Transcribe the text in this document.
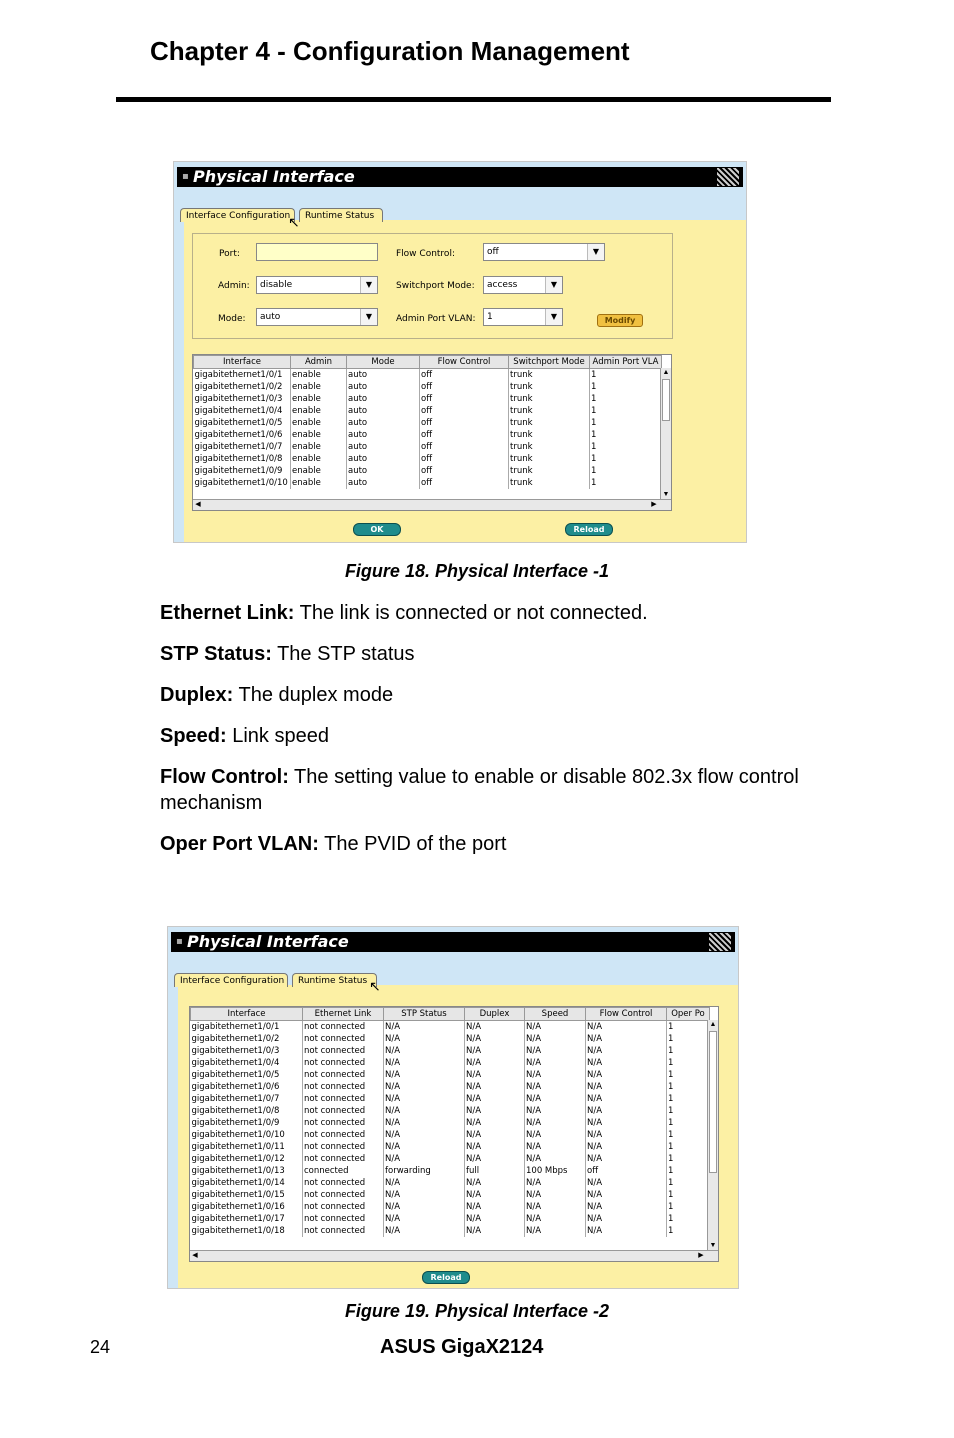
Chapter 4 - Configuration Management
▪ Physical Interface
Interface Configuration	Runtime Status
↖
Port:
Admin:	disable	▼
Mode:	auto	▼
Flow Control:	off	▼
Switchport Mode:	access	▼
Admin Port VLAN:	1	▼	Modify
Interface	Admin	Mode	Flow Control	Switchport Mode	Admin Port VLA
gigabitethernet1/0/1	enable	auto	off	trunk	1
gigabitethernet1/0/2	enable	auto	off	trunk	1
gigabitethernet1/0/3	enable	auto	off	trunk	1
gigabitethernet1/0/4	enable	auto	off	trunk	1
gigabitethernet1/0/5	enable	auto	off	trunk	1
gigabitethernet1/0/6	enable	auto	off	trunk	1
gigabitethernet1/0/7	enable	auto	off	trunk	1
gigabitethernet1/0/8	enable	auto	off	trunk	1
gigabitethernet1/0/9	enable	auto	off	trunk	1
gigabitethernet1/0/10	enable	auto	off	trunk	1
▲
▼
◀	▶
OK	Reload
Figure 18. Physical Interface -1
Ethernet Link: The link is connected or not connected.
STP Status: The STP status
Duplex: The duplex mode
Speed: Link speed
Flow Control: The setting value to enable or disable 802.3x flow control mechanism
Oper Port VLAN: The PVID of the port
▪ Physical Interface
Interface Configuration	Runtime Status ↖
Interface	Ethernet Link	STP Status	Duplex	Speed	Flow Control	Oper Po
gigabitethernet1/0/1	not connected	N/A	N/A	N/A	N/A	1
gigabitethernet1/0/2	not connected	N/A	N/A	N/A	N/A	1
gigabitethernet1/0/3	not connected	N/A	N/A	N/A	N/A	1
gigabitethernet1/0/4	not connected	N/A	N/A	N/A	N/A	1
gigabitethernet1/0/5	not connected	N/A	N/A	N/A	N/A	1
gigabitethernet1/0/6	not connected	N/A	N/A	N/A	N/A	1
gigabitethernet1/0/7	not connected	N/A	N/A	N/A	N/A	1
gigabitethernet1/0/8	not connected	N/A	N/A	N/A	N/A	1
gigabitethernet1/0/9	not connected	N/A	N/A	N/A	N/A	1
gigabitethernet1/0/10	not connected	N/A	N/A	N/A	N/A	1
gigabitethernet1/0/11	not connected	N/A	N/A	N/A	N/A	1
gigabitethernet1/0/12	not connected	N/A	N/A	N/A	N/A	1
gigabitethernet1/0/13	connected	forwarding	full	100 Mbps	off	1
gigabitethernet1/0/14	not connected	N/A	N/A	N/A	N/A	1
gigabitethernet1/0/15	not connected	N/A	N/A	N/A	N/A	1
gigabitethernet1/0/16	not connected	N/A	N/A	N/A	N/A	1
gigabitethernet1/0/17	not connected	N/A	N/A	N/A	N/A	1
gigabitethernet1/0/18	not connected	N/A	N/A	N/A	N/A	1
▲
▼
◀	▶
Reload
Figure 19. Physical Interface -2
24	ASUS GigaX2124
